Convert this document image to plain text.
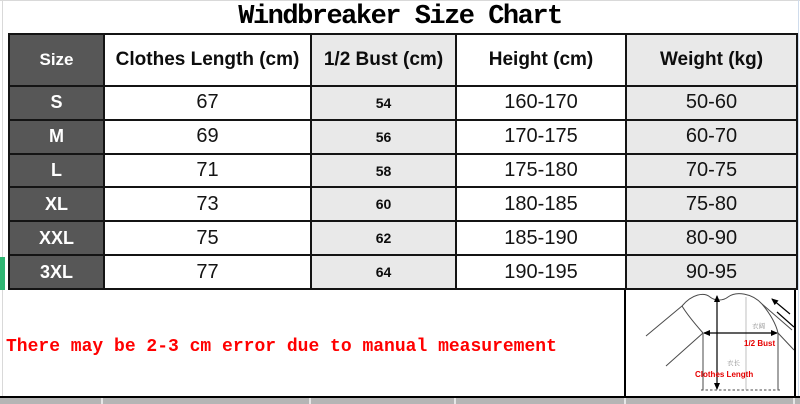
Windbreaker Size Chart
Size	Clothes Length (cm)	1/2 Bust (cm)	Height (cm)	Weight (kg)
S	67	54	160-170	50-60
M	69	56	170-175	60-70
L	71	58	175-180	70-75
XL	73	60	180-185	75-80
XXL	75	62	185-190	80-90
3XL	77	64	190-195	90-95
There may be 2-3 cm error due to manual measurement
衣阔
1/2 Bust
衣长
Clothes Length
